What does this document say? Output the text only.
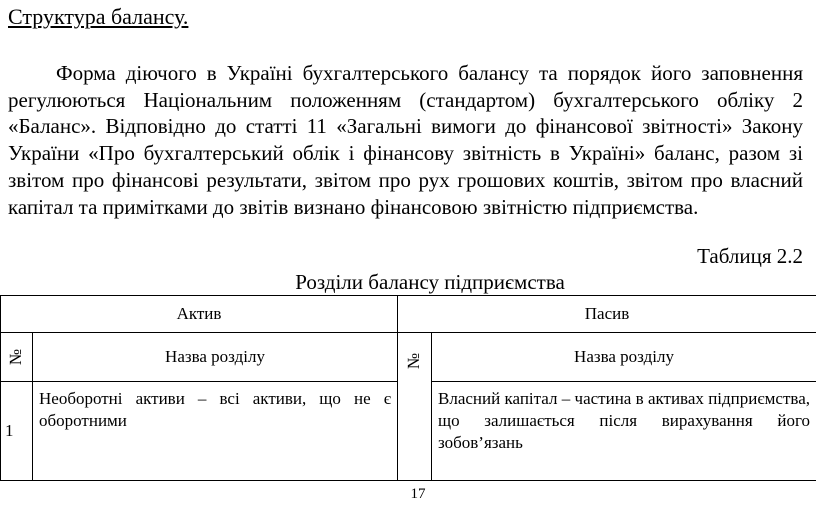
Структура балансу.

Форма діючого в Україні бухгалтерського балансу та порядок його заповнення регулюються Національним положенням (стандартом) бухгалтерського обліку 2 «Баланс». Відповідно до статті 11 «Загальні вимоги до фінансової звітності» Закону України «Про бухгалтерський облік і фінансову звітність в Україні» баланс, разом зі звітом про фінансові результати, звітом про рух грошових коштів, звітом про власний капітал та примітками до звітів визнано фінансовою звітністю підприємства.

Таблиця 2.2
Розділи балансу підприємства
Актив		Пасив	
№	Назва розділу	№	Назва розділу
1	Необоротні активи – всі активи, що не є оборотними		Власний капітал – частина в активах підприємства, що залишається після вирахування його зобов’язань
17
